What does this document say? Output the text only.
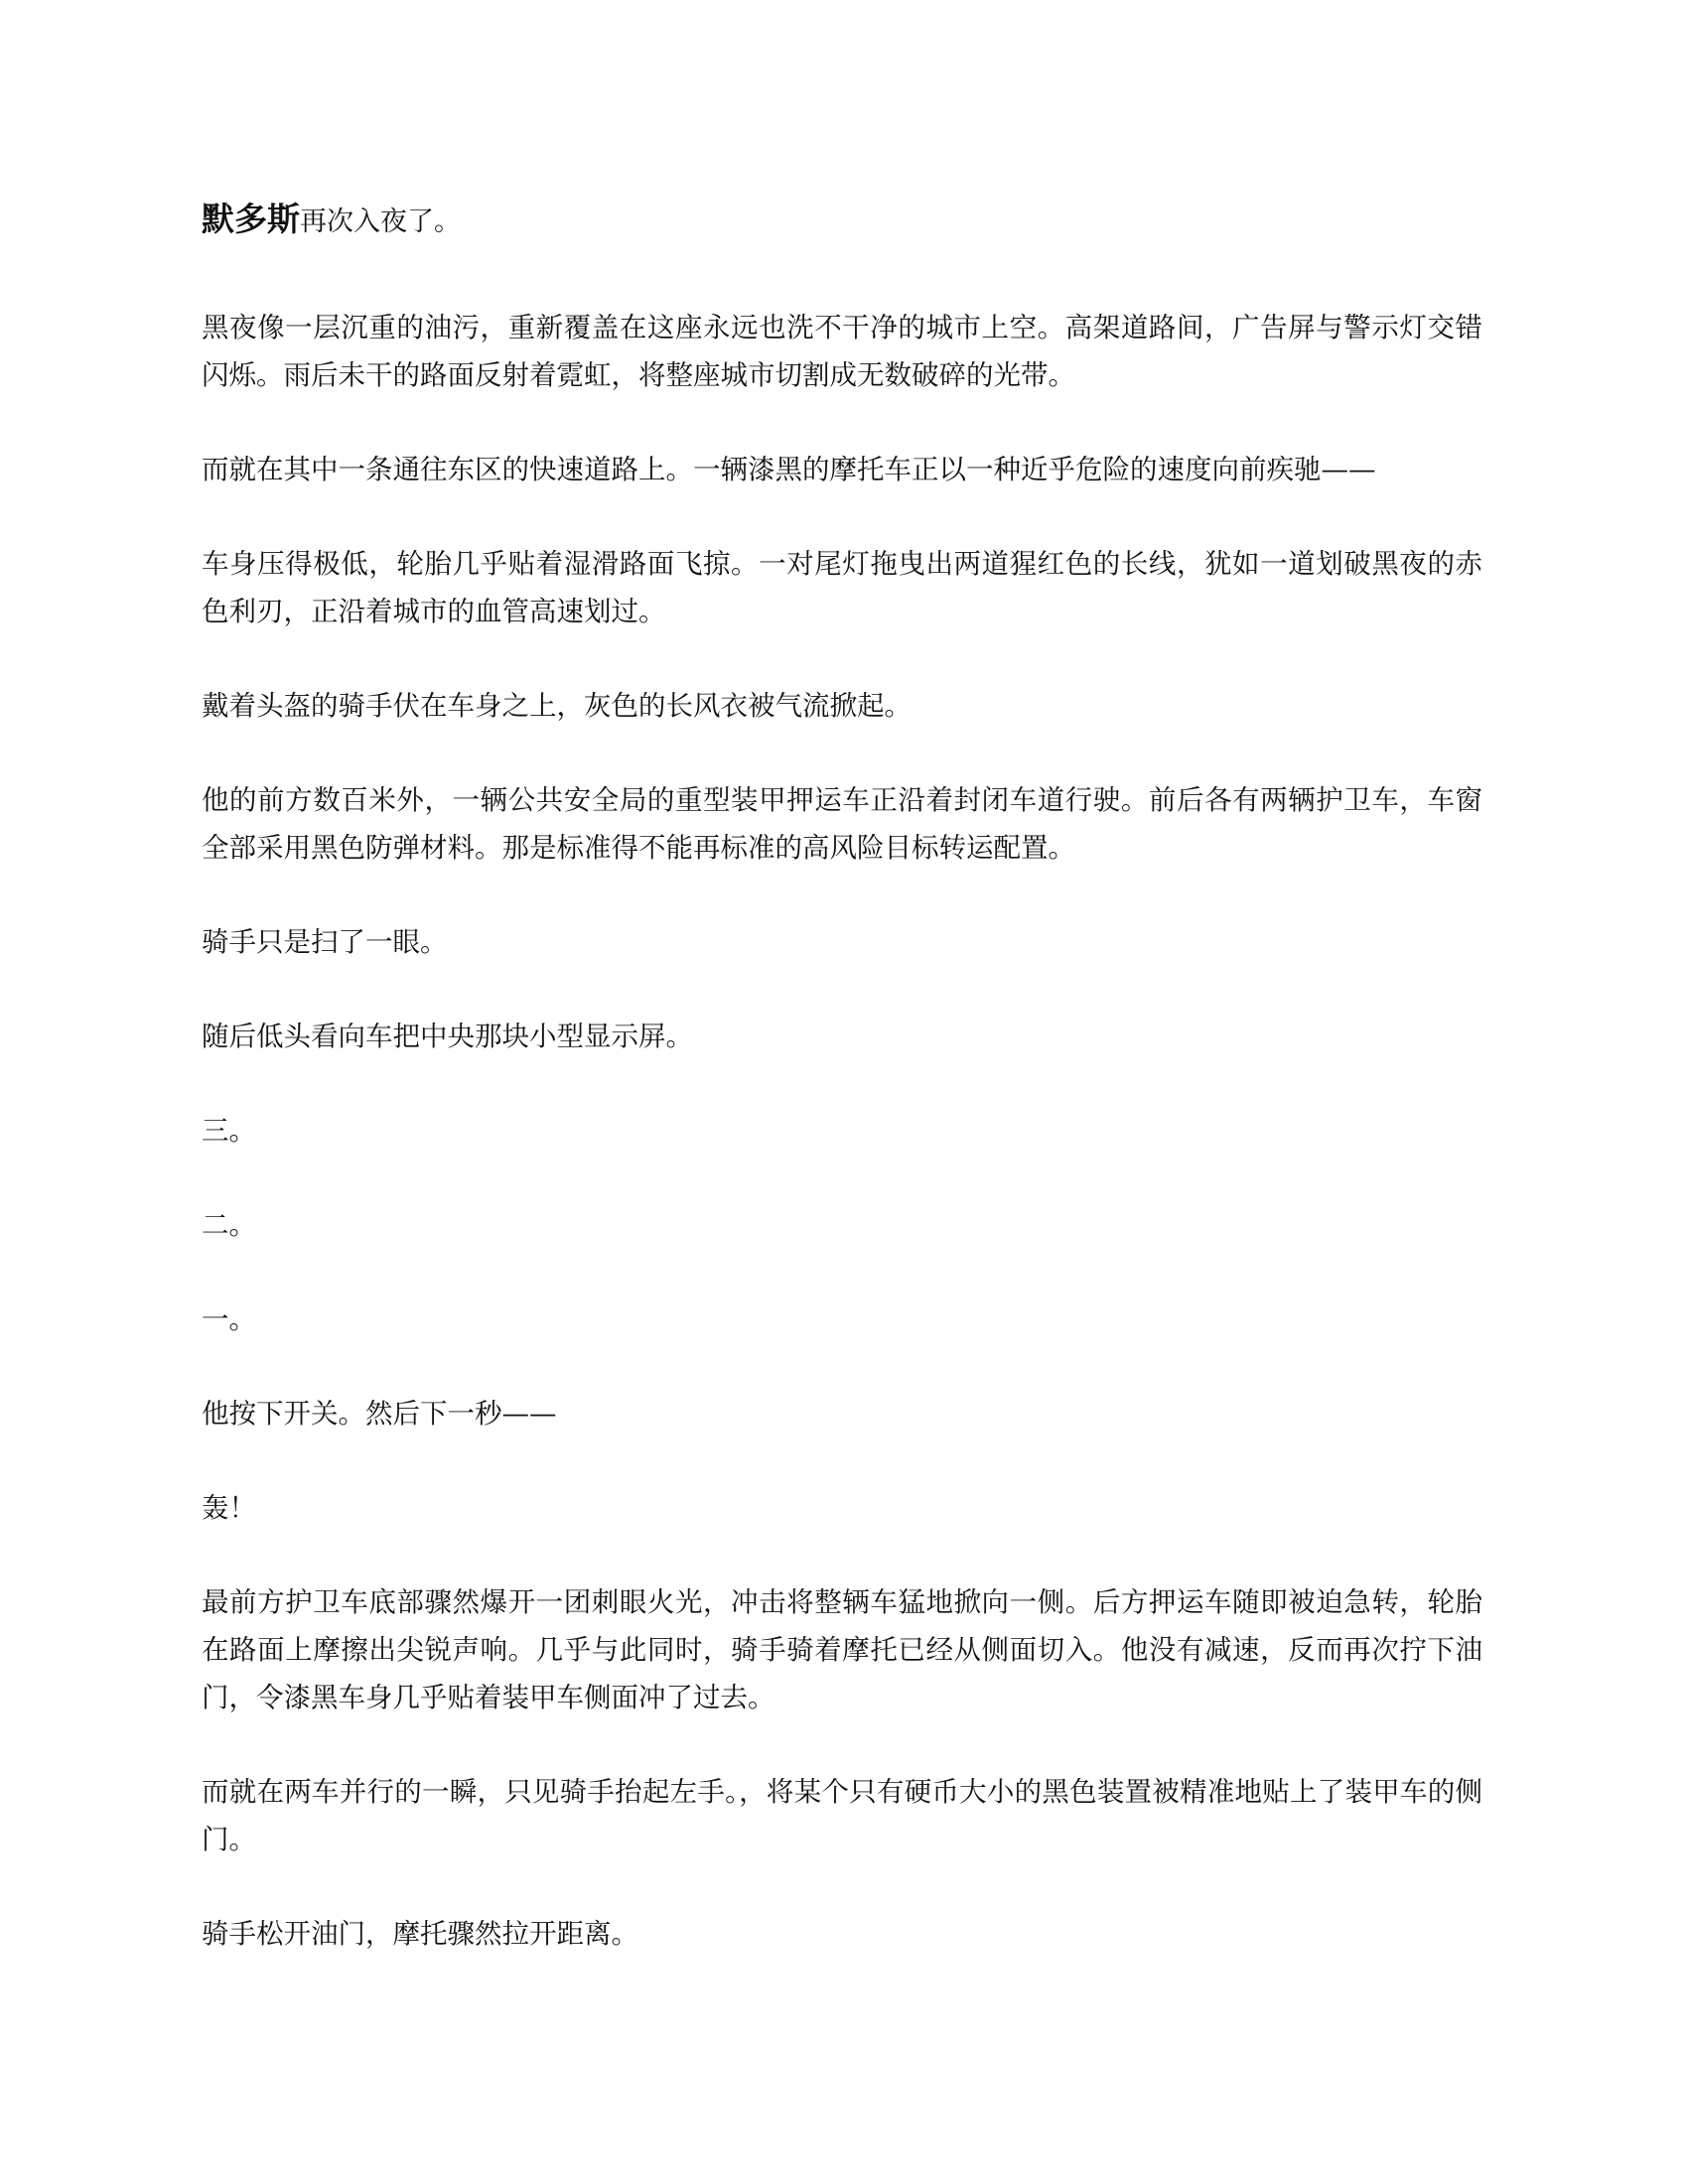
默多斯再次入夜了。

黑夜像一层沉重的油污，重新覆盖在这座永远也洗不干净的城市上空。高架道路间，广告屏与警示灯交错闪烁。雨后未干的路面反射着霓虹，将整座城市切割成无数破碎的光带。

而就在其中一条通往东区的快速道路上。一辆漆黑的摩托车正以一种近乎危险的速度向前疾驰——

车身压得极低，轮胎几乎贴着湿滑路面飞掠。一对尾灯拖曳出两道猩红色的长线，犹如一道划破黑夜的赤色利刃，正沿着城市的血管高速划过。

戴着头盔的骑手伏在车身之上，灰色的长风衣被气流掀起。

他的前方数百米外，一辆公共安全局的重型装甲押运车正沿着封闭车道行驶。前后各有两辆护卫车，车窗全部采用黑色防弹材料。那是标准得不能再标准的高风险目标转运配置。

骑手只是扫了一眼。

随后低头看向车把中央那块小型显示屏。

三。

二。

一。

他按下开关。然后下一秒——

轰！

最前方护卫车底部骤然爆开一团刺眼火光，冲击将整辆车猛地掀向一侧。后方押运车随即被迫急转，轮胎在路面上摩擦出尖锐声响。几乎与此同时，骑手骑着摩托已经从侧面切入。他没有减速，反而再次拧下油门，令漆黑车身几乎贴着装甲车侧面冲了过去。

而就在两车并行的一瞬，只见骑手抬起左手。，将某个只有硬币大小的黑色装置被精准地贴上了装甲车的侧门。

骑手松开油门，摩托骤然拉开距离。
